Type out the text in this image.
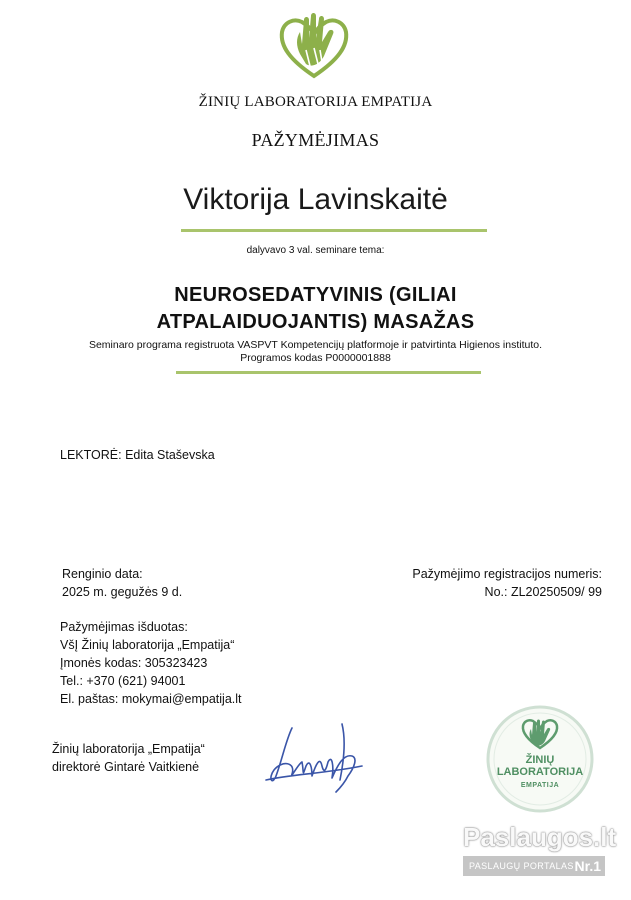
ŽINIŲ LABORATORIJA EMPATIJA
PAŽYMĖJIMAS
Viktorija Lavinskaitė
dalyvavo 3 val. seminare tema:
NEUROSEDATYVINIS (GILIAI
ATPALAIDUOJANTIS) MASAŽAS
Seminaro programa registruota VASPVT Kompetencijų platformoje ir patvirtinta Higienos instituto.
Programos kodas P0000001888
LEKTORĖ: Edita Staševska
Renginio data:
2025 m. gegužės 9 d.
Pažymėjimo registracijos numeris:
No.: ZL20250509/ 99
Pažymėjimas išduotas:
VšĮ Žinių laboratorija „Empatija“
Įmonės kodas: 305323423
Tel.: +370 (621) 94001
El. paštas: mokymai@empatija.lt
Žinių laboratorija „Empatija“
direktorė Gintarė Vaitkienė	ŽINIŲ
LABORATORIJA
EMPATIJA
Paslaugos.lt
PASLAUGŲ PORTALAS Nr.1
